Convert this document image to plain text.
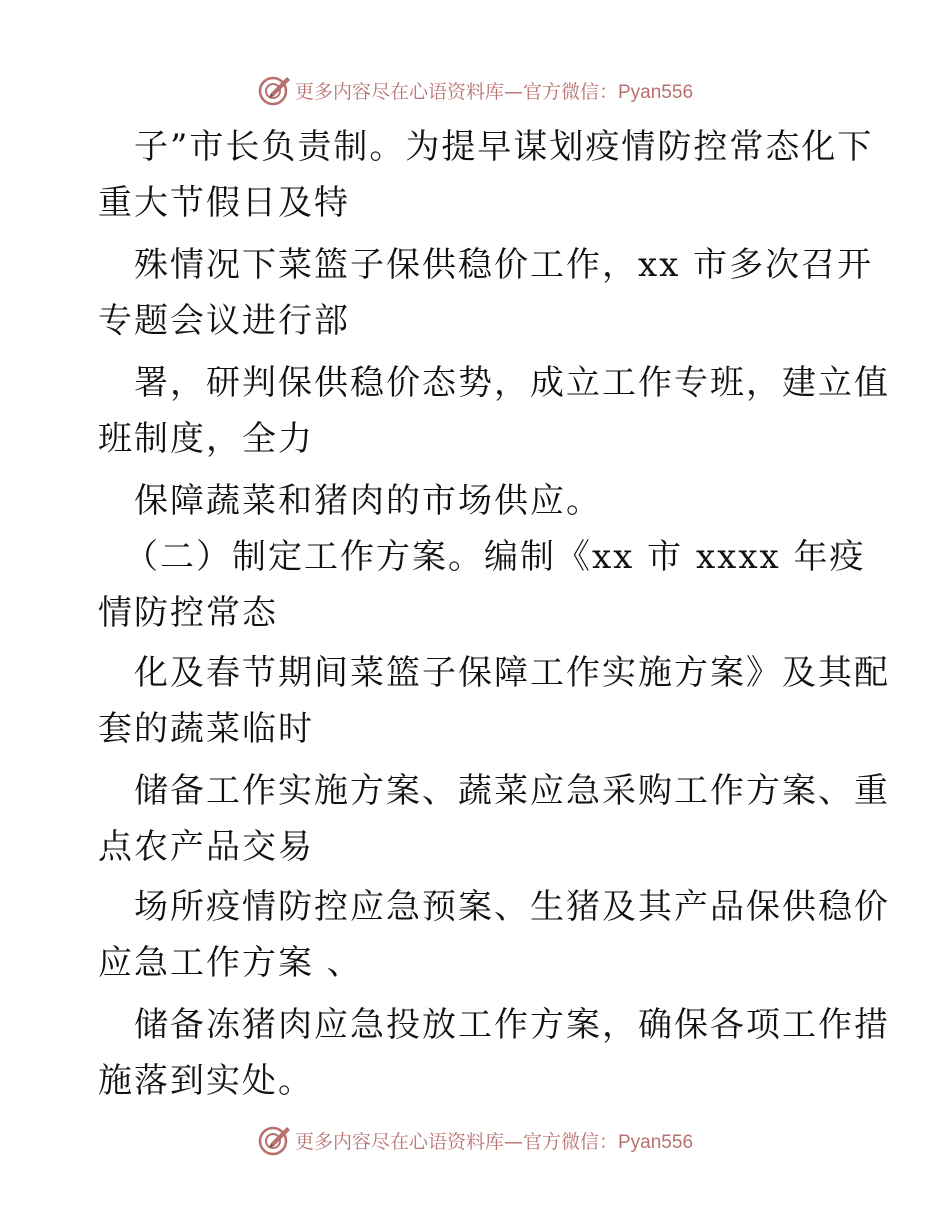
更多内容尽在心语资料库—官方微信：Pyan556
子”市长负责制。为提早谋划疫情防控常态化下
重大节假日及特
殊情况下菜篮子保供稳价工作，xx 市多次召开
专题会议进行部
署，研判保供稳价态势，成立工作专班，建立值
班制度，全力
保障蔬菜和猪肉的市场供应。
（二）制定工作方案。编制《xx 市 xxxx 年疫
情防控常态
化及春节期间菜篮子保障工作实施方案》及其配
套的蔬菜临时
储备工作实施方案、蔬菜应急采购工作方案、重
点农产品交易
场所疫情防控应急预案、生猪及其产品保供稳价
应急工作方案 、
储备冻猪肉应急投放工作方案，确保各项工作措
施落到实处。
更多内容尽在心语资料库—官方微信：Pyan556
